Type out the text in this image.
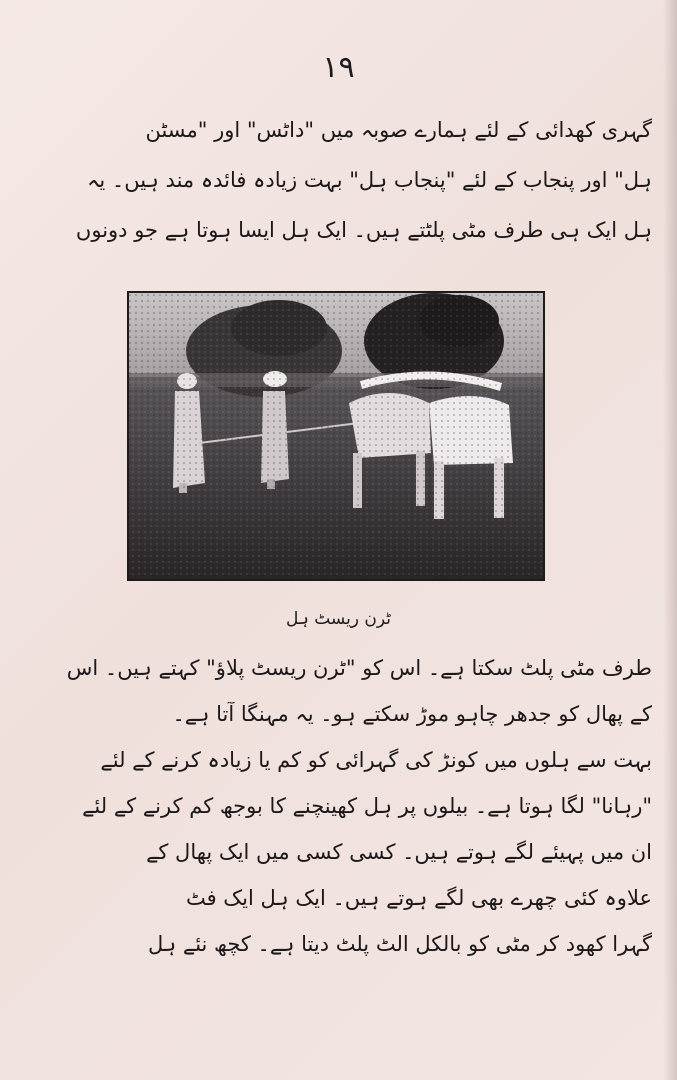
۱۹
گہری کھدائی کے لئے ہمارے صوبہ میں "داٹس" اور "مسٹن
ہل" اور پنجاب کے لئے "پنجاب ہل" بہت زیادہ فائدہ مند ہیں۔ یہ
ہل ایک ہی طرف مٹی پلٹتے ہیں۔ ایک ہل ایسا ہوتا ہے جو دونوں
ٹرن ریسٹ ہل
طرف مٹی پلٹ سکتا ہے۔ اس کو "ٹرن ریسٹ پلاؤ" کہتے ہیں۔ اس
کے پھال کو جدھر چاہو موڑ سکتے ہو۔ یہ مہنگا آتا ہے۔
بہت سے ہلوں میں کونڑ کی گہرائی کو کم یا زیادہ کرنے کے لئے
"رہانا" لگا ہوتا ہے۔ بیلوں پر ہل کھینچنے کا بوجھ کم کرنے کے لئے
ان میں پہیئے لگے ہوتے ہیں۔ کسی کسی میں ایک پھال کے
علاوہ کئی چھرے بھی لگے ہوتے ہیں۔ ایک ہل ایک فٹ
گہرا کھود کر مٹی کو بالکل الٹ پلٹ دیتا ہے۔ کچھ نئے ہل
